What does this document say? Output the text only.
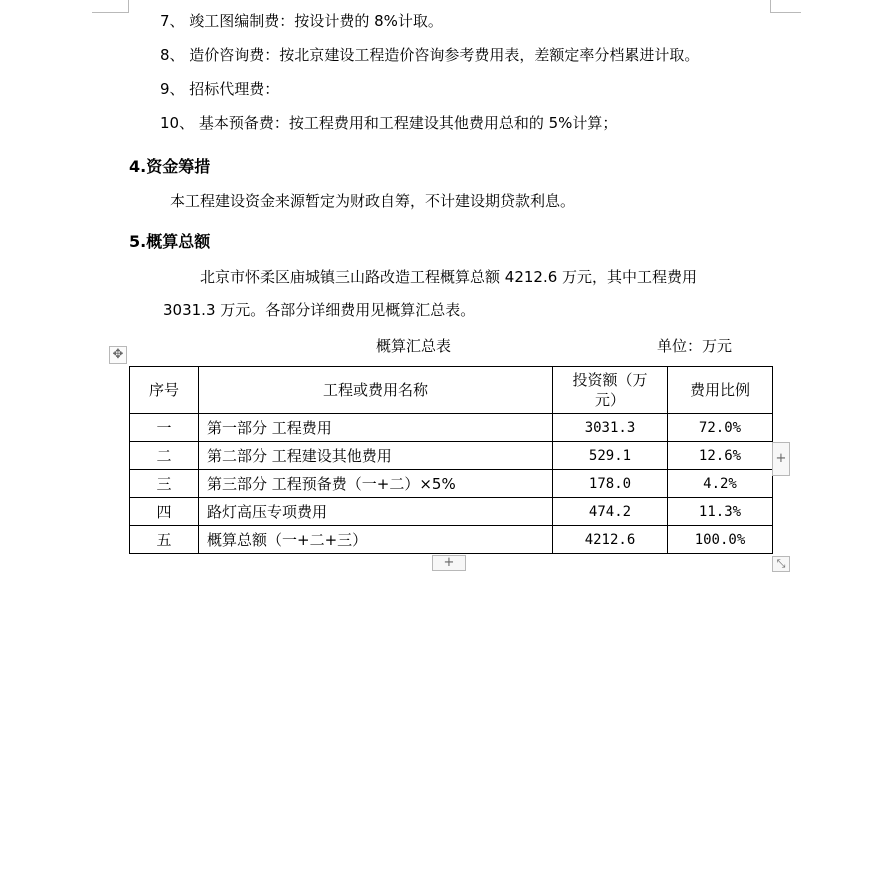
7、 竣工图编制费：按设计费的 8%计取。
8、 造价咨询费：按北京建设工程造价咨询参考费用表，差额定率分档累进计取。
9、 招标代理费：
10、 基本预备费：按工程费用和工程建设其他费用总和的 5%计算；
4.资金筹措
本工程建设资金来源暂定为财政自筹，不计建设期贷款利息。
5.概算总额
北京市怀柔区庙城镇三山路改造工程概算总额 4212.6 万元，其中工程费用
3031.3 万元。各部分详细费用见概算汇总表。
概算汇总表	单位：万元
✥
序号	工程或费用名称	投资额（万元）	费用比例
一	第一部分 工程费用	3031.3	72.0%
二	第二部分 工程建设其他费用	529.1	12.6%
三	第三部分 工程预备费（一+二）×5%	178.0	4.2%
四	路灯高压专项费用	474.2	11.3%
五	概算总额（一+二+三）	4212.6	100.0%
+
+	⤡
